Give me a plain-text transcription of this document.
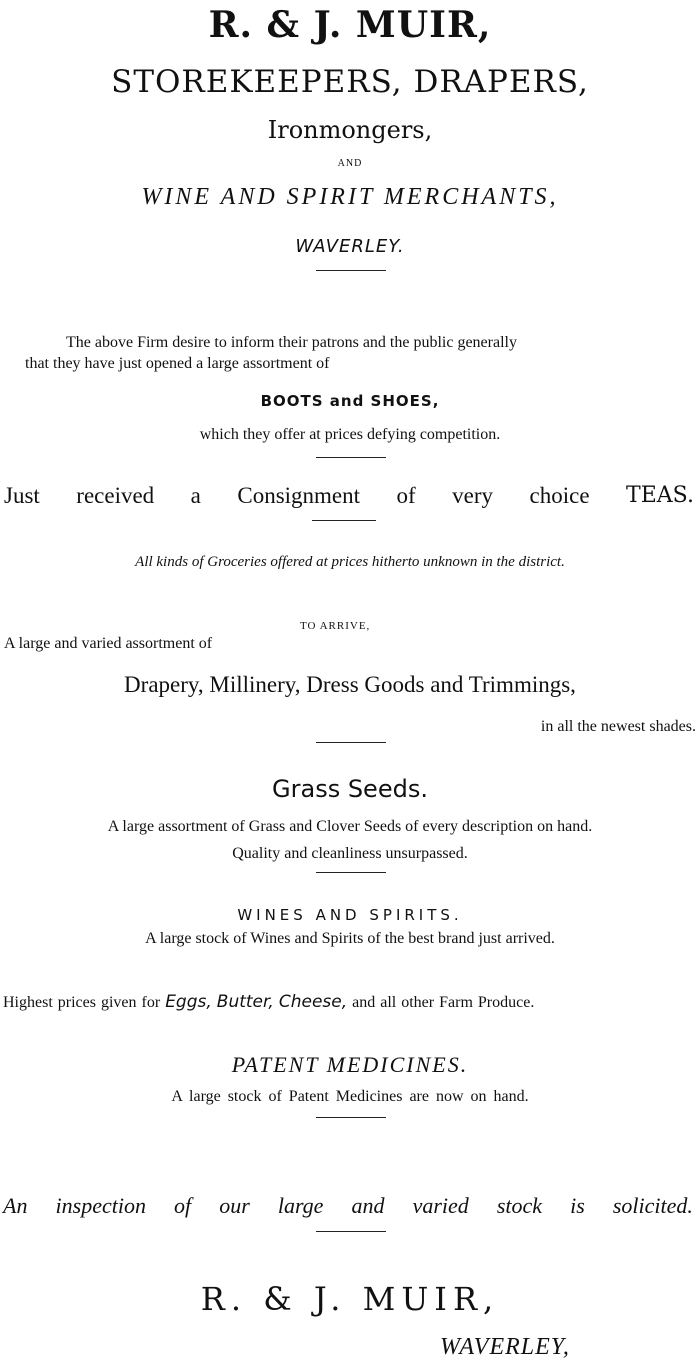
R. & J. MUIR,
STOREKEEPERS, DRAPERS,
Ironmongers,
AND
WINE AND SPIRIT MERCHANTS,
WAVERLEY.
The above Firm desire to inform their patrons and the public generally
that they have just opened a large assortment of
BOOTS and SHOES,
which they offer at prices defying competition.
Just received a Consignment of very choice TEAS.
All kinds of Groceries offered at prices hitherto unknown in the district.
TO ARRIVE,
A large and varied assortment of
Drapery, Millinery, Dress Goods and Trimmings,
in all the newest shades.
Grass Seeds.
A large assortment of Grass and Clover Seeds of every description on hand.
Quality and cleanliness unsurpassed.
WINES AND SPIRITS.
A large stock of Wines and Spirits of the best brand just arrived.
Highest prices given for Eggs, Butter, Cheese, and all other Farm Produce.
PATENT MEDICINES.
A large stock of Patent Medicines are now on hand.
An inspection of our large and varied stock is solicited.
R. & J. MUIR,
WAVERLEY,
